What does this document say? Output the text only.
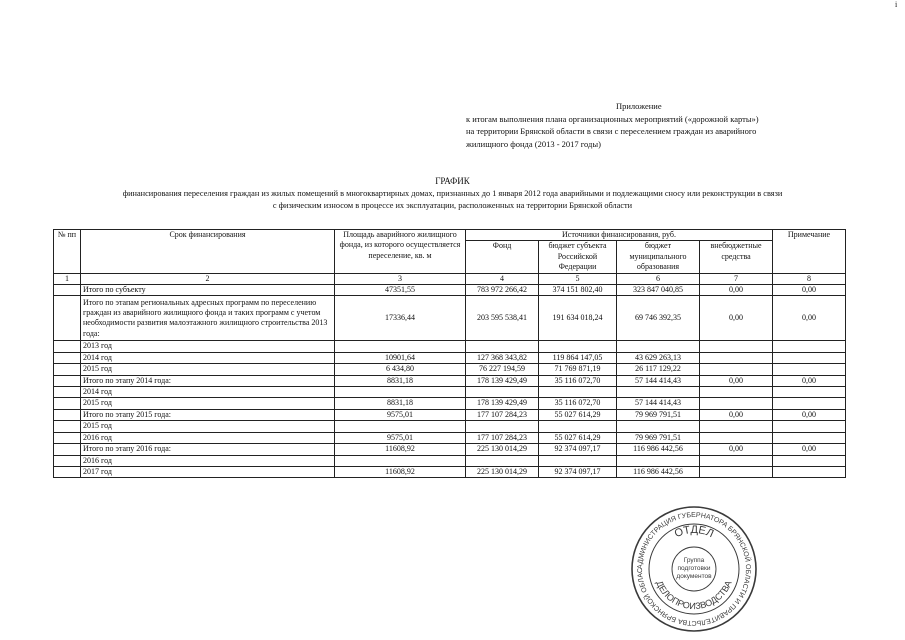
Приложение
к итогам выполнения плана организационных мероприятий («дорожной карты»)
на территории Брянской области в связи с переселением граждан из аварийного
жилищного фонда (2013 - 2017 годы)
ГРАФИК
финансирования переселения граждан из жилых помещений в многоквартирных домах, признанных до 1 января 2012 года аварийными и подлежащими сносу или реконструкции в связи
с физическим износом в процессе их эксплуатации, расположенных на территории Брянской области
№ пп	Срок финансирования	Площадь аварийного жилищного фонда, из которого осуществляется переселение, кв. м	Источники финансирования, руб.				Примечание
			Фонд	бюджет субъекта Российской Федерации	бюджет муниципального образования	внебюджетные средства	
1	2	3	4	5	6	7	8
	Итого по субъекту	47351,55	783 972 266,42	374 151 802,40	323 847 040,85	0,00	0,00
	Итого по этапам региональных адресных программ по переселению граждан из аварийного жилищного фонда и таких программ с учетом необходимости развития малоэтажного жилищного строительства 2013 года:	17336,44	203 595 538,41	191 634 018,24	69 746 392,35	0,00	0,00
	2013 год						
	2014 год	10901,64	127 368 343,82	119 864 147,05	43 629 263,13		
	2015 год	6 434,80	76 227 194,59	71 769 871,19	26 117 129,22		
	Итого по этапу 2014 года:	8831,18	178 139 429,49	35 116 072,70	57 144 414,43	0,00	0,00
	2014 год						
	2015 год	8831,18	178 139 429,49	35 116 072,70	57 144 414,43		
	Итого по этапу 2015 года:	9575,01	177 107 284,23	55 027 614,29	79 969 791,51	0,00	0,00
	2015 год						
	2016 год	9575,01	177 107 284,23	55 027 614,29	79 969 791,51		
	Итого по этапу 2016 года:	11608,92	225 130 014,29	92 374 097,17	116 986 442,56	0,00	0,00
	2016 год						
	2017 год	11608,92	225 130 014,29	92 374 097,17	116 986 442,56		
АДМИНИСТРАЦИЯ ГУБЕРНАТОРА БРЯНСКОЙ ОБЛАСТИ И ПРАВИТЕЛЬСТВА БРЯНСКОЙ ОБЛАС
ОТДЕЛ
ДЕЛОПРОИЗВОДСТВА
Группа
подготовки
документов
i
